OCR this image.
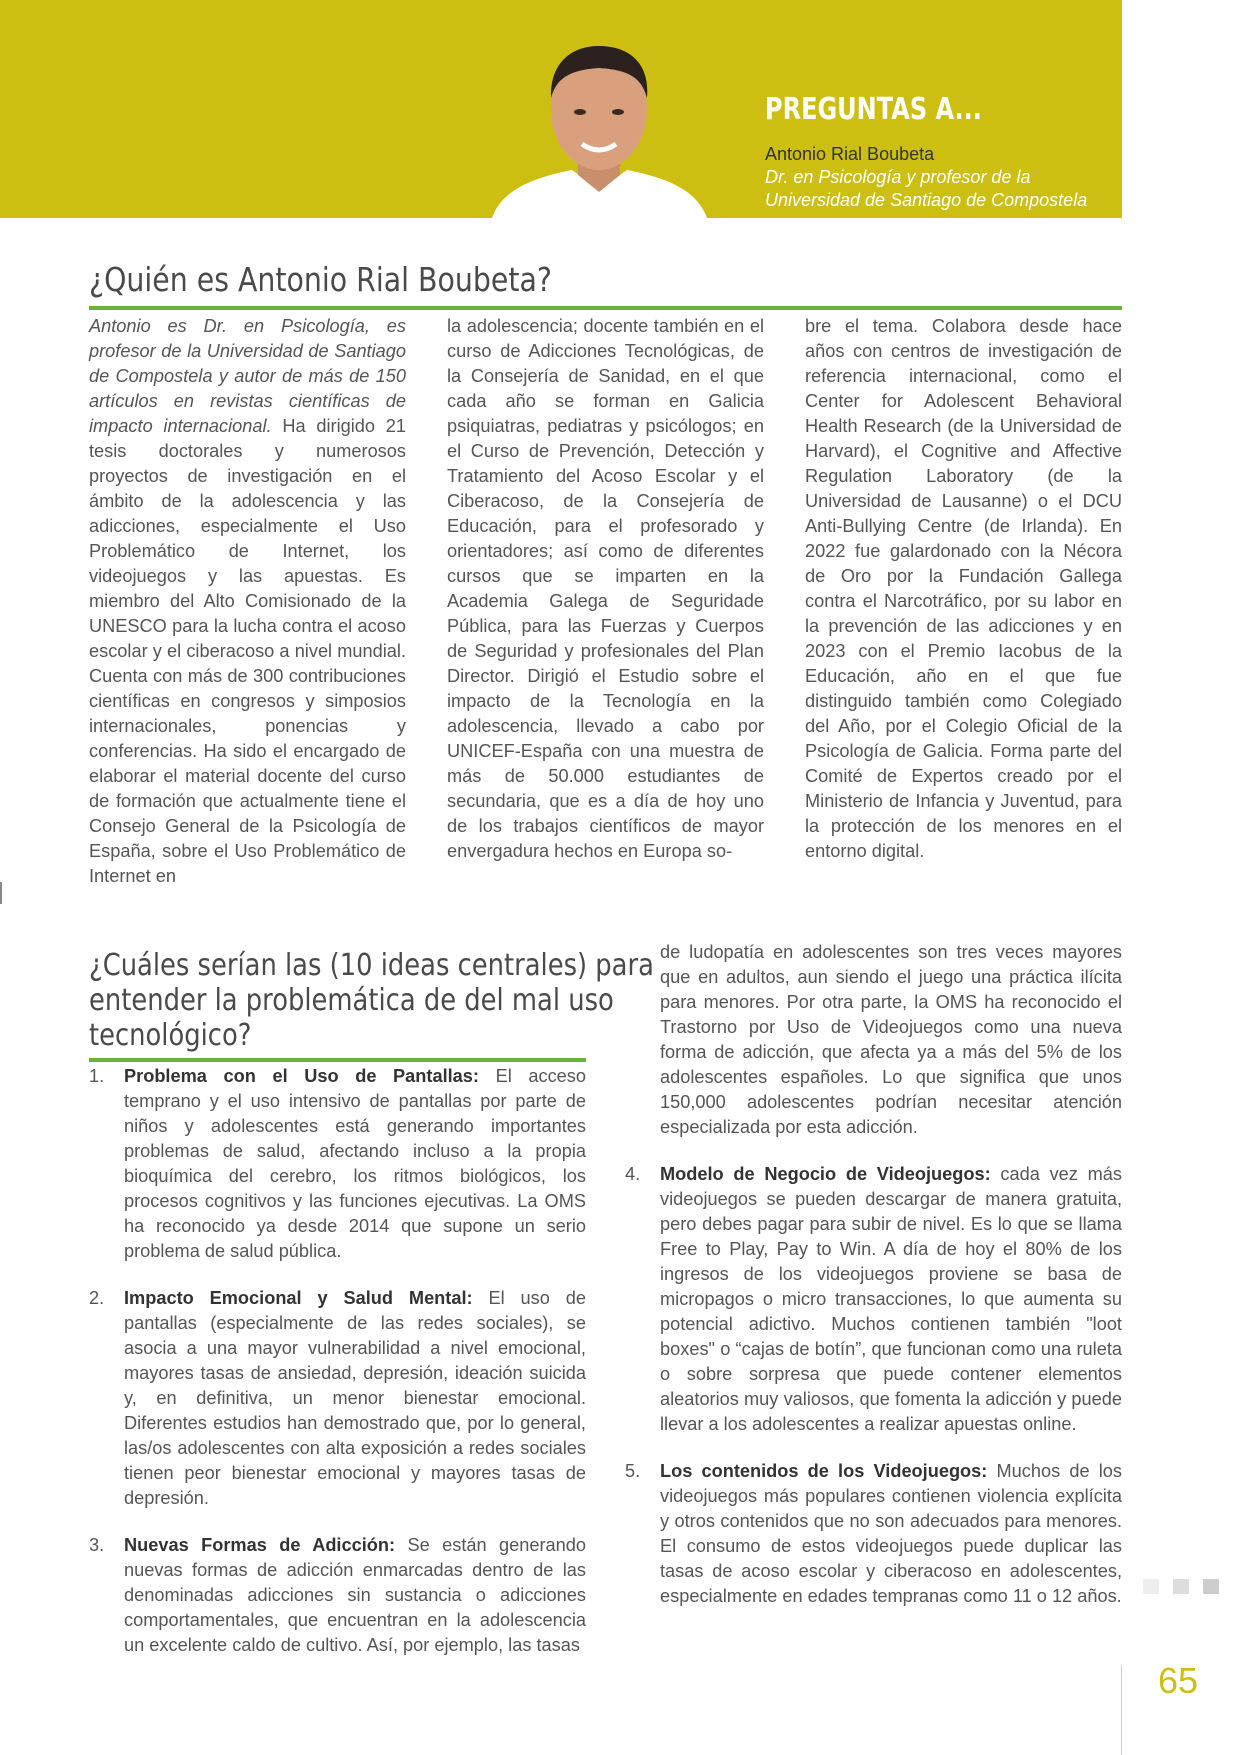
PREGUNTAS A...
Antonio Rial Boubeta
Dr. en Psicología y profesor de la
Universidad de Santiago de Compostela
¿Quién es Antonio Rial Boubeta?

Antonio es Dr. en Psicología, es profesor de la Universidad de Santiago de Compostela y autor de más de 150 artículos en revistas científicas de impacto internacional. Ha dirigido 21 tesis doctorales y numerosos proyectos de investigación en el ámbito de la adolescencia y las adicciones, especialmente el Uso Problemático de Internet, los videojuegos y las apuestas. Es miembro del Alto Comisionado de la UNESCO para la lucha contra el acoso escolar y el ciberacoso a nivel mundial. Cuenta con más de 300 contribuciones científicas en congresos y simposios internacionales, ponencias y conferencias. Ha sido el encargado de elaborar el material docente del curso de formación que actualmente tiene el Consejo General de la Psicología de España, sobre el Uso Problemático de Internet en

la adolescencia; docente también en el curso de Adicciones Tecnológicas, de la Consejería de Sanidad, en el que cada año se forman en Galicia psiquiatras, pediatras y psicólogos; en el Curso de Prevención, Detección y Tratamiento del Acoso Escolar y el Ciberacoso, de la Consejería de Educación, para el profesorado y orientadores; así como de diferentes cursos que se imparten en la Academia Galega de Seguridade Pública, para las Fuerzas y Cuerpos de Seguridad y profesionales del Plan Director. Dirigió el Estudio sobre el impacto de la Tecnología en la adolescencia, llevado a cabo por UNICEF-España con una muestra de más de 50.000 estudiantes de secundaria, que es a día de hoy uno de los trabajos científicos de mayor envergadura hechos en Europa so-

bre el tema. Colabora desde hace años con centros de investigación de referencia internacional, como el Center for Adolescent Behavioral Health Research (de la Universidad de Harvard), el Cognitive and Affective Regulation Laboratory (de la Universidad de Lausanne) o el DCU Anti-Bullying Centre (de Irlanda). En 2022 fue galardonado con la Nécora de Oro por la Fundación Gallega contra el Narcotráfico, por su labor en la prevención de las adicciones y en 2023 con el Premio Iacobus de la Educación, año en el que fue distinguido también como Colegiado del Año, por el Colegio Oficial de la Psicología de Galicia. Forma parte del Comité de Expertos creado por el Ministerio de Infancia y Juventud, para la protección de los menores en el entorno digital.

¿Cuáles serían las (10 ideas centrales) para
entender la problemática de del mal uso
tecnológico?
1. Problema con el Uso de Pantallas: El acceso temprano y el uso intensivo de pantallas por parte de niños y adolescentes está generando importantes problemas de salud, afectando incluso a la propia bioquímica del cerebro, los ritmos biológicos, los procesos cognitivos y las funciones ejecutivas. La OMS ha reconocido ya desde 2014 que supone un serio problema de salud pública.
2. Impacto Emocional y Salud Mental: El uso de pantallas (especialmente de las redes sociales), se asocia a una mayor vulnerabilidad a nivel emocional, mayores tasas de ansiedad, depresión, ideación suicida y, en definitiva, un menor bienestar emocional. Diferentes estudios han demostrado que, por lo general, las/os adolescentes con alta exposición a redes sociales tienen peor bienestar emocional y mayores tasas de depresión.
3. Nuevas Formas de Adicción: Se están generando nuevas formas de adicción enmarcadas dentro de las denominadas adicciones sin sustancia o adicciones comportamentales, que encuentran en la adolescencia un excelente caldo de cultivo. Así, por ejemplo, las tasas
de ludopatía en adolescentes son tres veces mayores que en adultos, aun siendo el juego una práctica ilícita para menores. Por otra parte, la OMS ha reconocido el Trastorno por Uso de Videojuegos como una nueva forma de adicción, que afecta ya a más del 5% de los adolescentes españoles. Lo que significa que unos 150,000 adolescentes podrían necesitar atención especializada por esta adicción.
4. Modelo de Negocio de Videojuegos: cada vez más videojuegos se pueden descargar de manera gratuita, pero debes pagar para subir de nivel. Es lo que se llama Free to Play, Pay to Win. A día de hoy el 80% de los ingresos de los videojuegos proviene se basa de micropagos o micro transacciones, lo que aumenta su potencial adictivo. Muchos contienen también "loot boxes" o “cajas de botín”, que funcionan como una ruleta o sobre sorpresa que puede contener elementos aleatorios muy valiosos, que fomenta la adicción y puede llevar a los adolescentes a realizar apuestas online.
5. Los contenidos de los Videojuegos: Muchos de los videojuegos más populares contienen violencia explícita y otros contenidos que no son adecuados para menores. El consumo de estos videojuegos puede duplicar las tasas de acoso escolar y ciberacoso en adolescentes, especialmente en edades tempranas como 11 o 12 años.
65
